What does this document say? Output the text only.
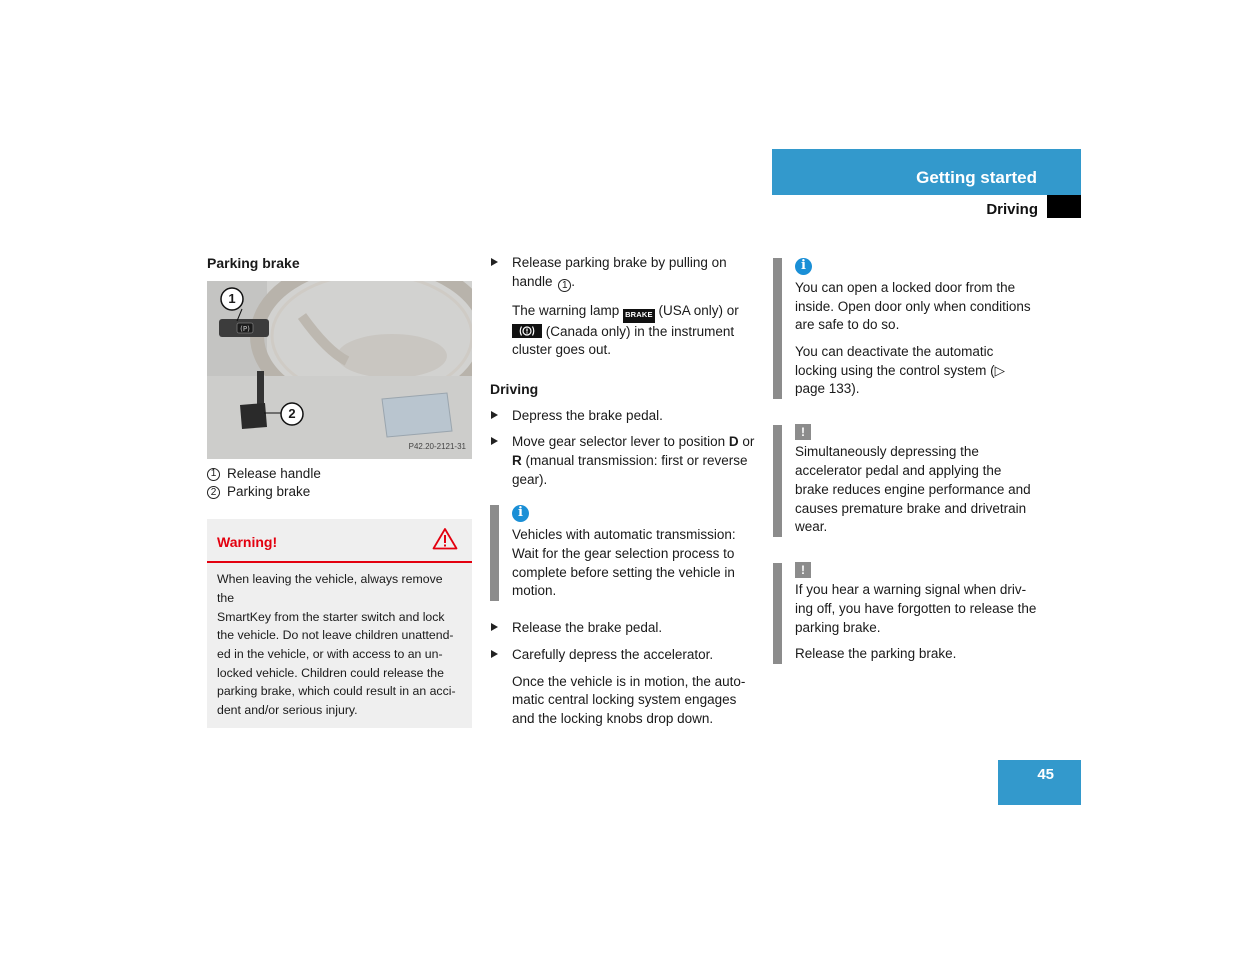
Getting started
Driving

Parking brake

(P)
1
2
P42.20-2121-31
1 Release handle
2 Parking brake
Warning!
When leaving the vehicle, always remove the
SmartKey from the starter switch and lock
the vehicle. Do not leave children unattend-
ed in the vehicle, or with access to an un-
locked vehicle. Children could release the
parking brake, which could result in an acci-
dent and/or serious injury.

Release parking brake by pulling on handle 1 .

The warning lamp BRAKE (USA only) or
(Canada only) in the instrument cluster goes out.

Driving

Depress the brake pedal.

Move gear selector lever to position D or R (manual transmission: first or reverse gear).

i

Vehicles with automatic transmission: Wait for the gear selection process to complete before setting the vehicle in motion.

Release the brake pedal.

Carefully depress the accelerator.

Once the vehicle is in motion, the auto-matic central locking system engages and the locking knobs drop down.

i

You can open a locked door from the inside. Open door only when conditions are safe to do so.

You can deactivate the automatic locking using the control system (▷ page 133).

!

Simultaneously depressing the accelerator pedal and applying the brake reduces engine performance and causes premature brake and drivetrain wear.

!

If you hear a warning signal when driv-ing off, you have forgotten to release the parking brake.

Release the parking brake.

45
